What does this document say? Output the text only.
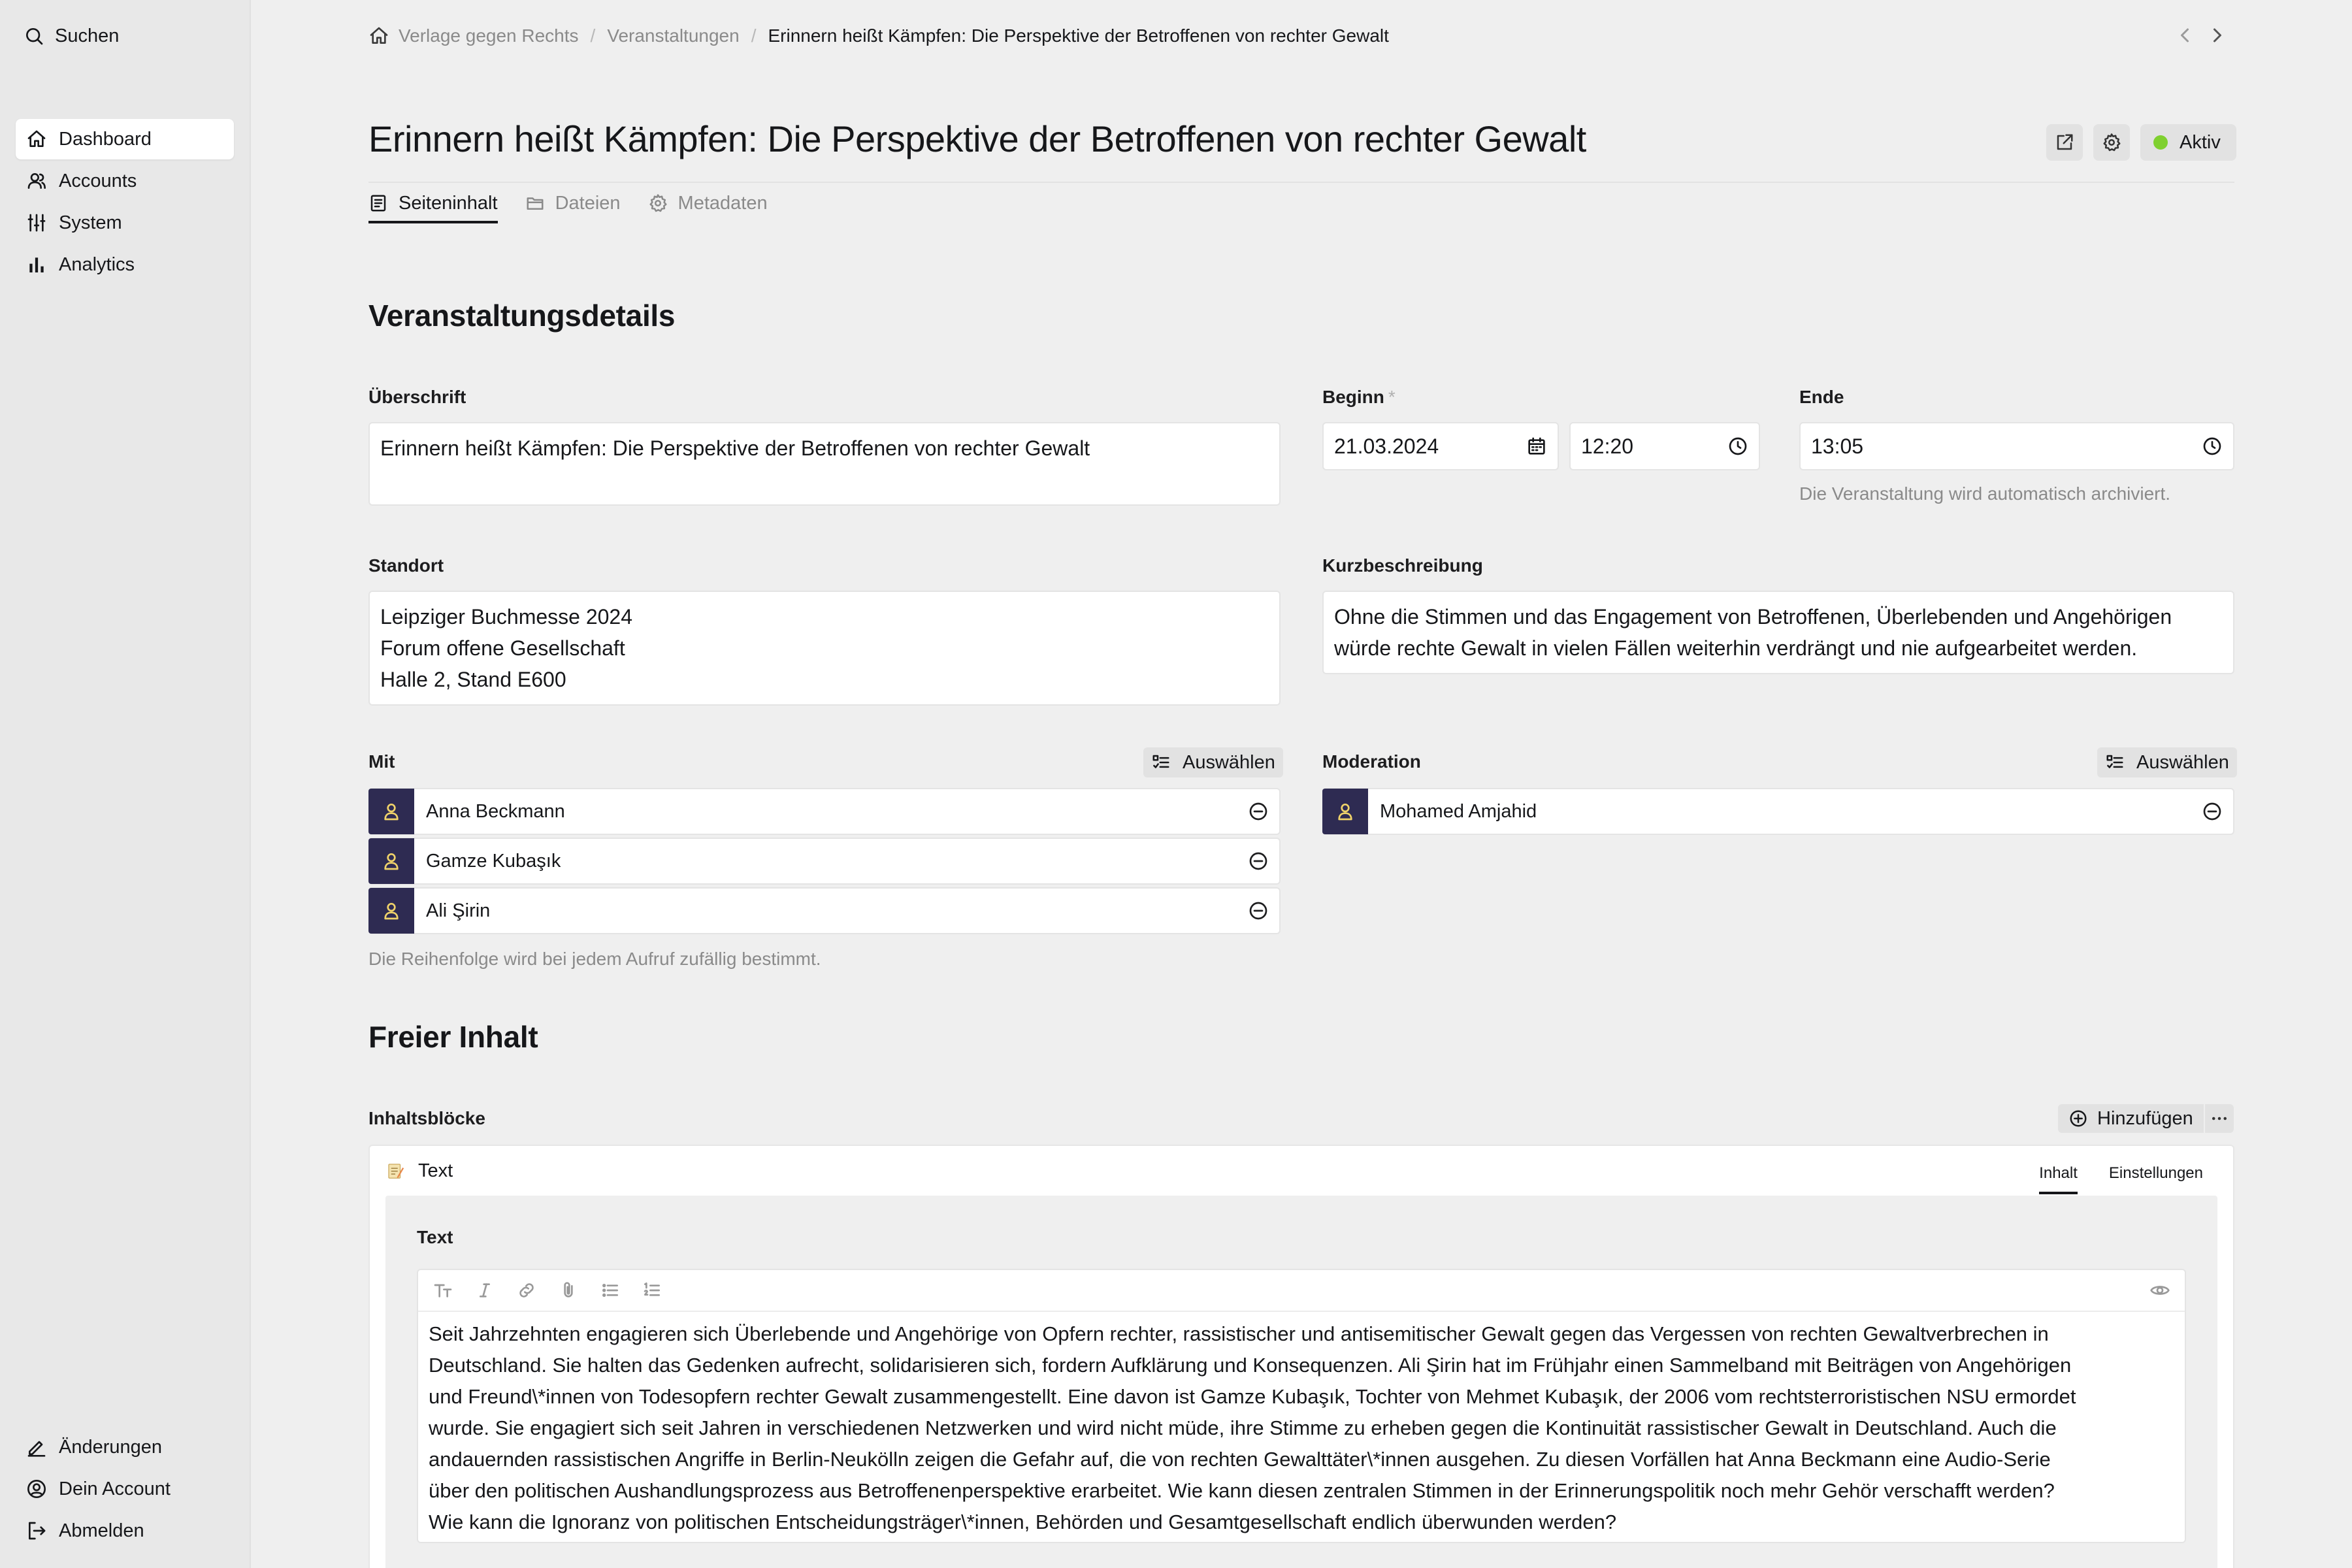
Suchen
Dashboard
Accounts
System
Analytics
Änderungen
Dein Account
Abmelden
Verlage gegen Rechts / Veranstaltungen / Erinnern heißt Kämpfen: Die Perspektive der Betroffenen von rechter Gewalt
Erinnern heißt Kämpfen: Die Perspektive der Betroffenen von rechter Gewalt	Aktiv
Seiteninhalt	Dateien	Metadaten
Veranstaltungsdetails
Überschrift
Erinnern heißt Kämpfen: Die Perspektive der Betroffenen von rechter Gewalt
Beginn *
21.03.2024	12:20
Ende
13:05
Die Veranstaltung wird automatisch archiviert.
Standort
Leipziger Buchmesse 2024
Forum offene Gesellschaft
Halle 2, Stand E600
Kurzbeschreibung
Ohne die Stimmen und das Engagement von Betroffenen, Überlebenden und Angehörigen
würde rechte Gewalt in vielen Fällen weiterhin verdrängt und nie aufgearbeitet werden.
Mit	Auswählen
Anna Beckmann
Gamze Kubaşık
Ali Şirin
Die Reihenfolge wird bei jedem Aufruf zufällig bestimmt.
Moderation	Auswählen
Mohamed Amjahid
Freier Inhalt
Inhaltsblöcke	Hinzufügen
Text	Inhalt Einstellungen
Text
Seit Jahrzehnten engagieren sich Überlebende und Angehörige von Opfern rechter, rassistischer und antisemitischer Gewalt gegen das Vergessen von rechten Gewaltverbrechen in
Deutschland. Sie halten das Gedenken aufrecht, solidarisieren sich, fordern Aufklärung und Konsequenzen. Ali Şirin hat im Frühjahr einen Sammelband mit Beiträgen von Angehörigen
und Freund\*innen von Todesopfern rechter Gewalt zusammengestellt. Eine davon ist Gamze Kubaşık, Tochter von Mehmet Kubaşık, der 2006 vom rechtsterroristischen NSU ermordet
wurde. Sie engagiert sich seit Jahren in verschiedenen Netzwerken und wird nicht müde, ihre Stimme zu erheben gegen die Kontinuität rassistischer Gewalt in Deutschland. Auch die
andauernden rassistischen Angriffe in Berlin-Neukölln zeigen die Gefahr auf, die von rechten Gewalttäter\*innen ausgehen. Zu diesen Vorfällen hat Anna Beckmann eine Audio-Serie
über den politischen Aushandlungsprozess aus Betroffenenperspektive erarbeitet. Wie kann diesen zentralen Stimmen in der Erinnerungspolitik noch mehr Gehör verschafft werden?
Wie kann die Ignoranz von politischen Entscheidungsträger\*innen, Behörden und Gesamtgesellschaft endlich überwunden werden?
